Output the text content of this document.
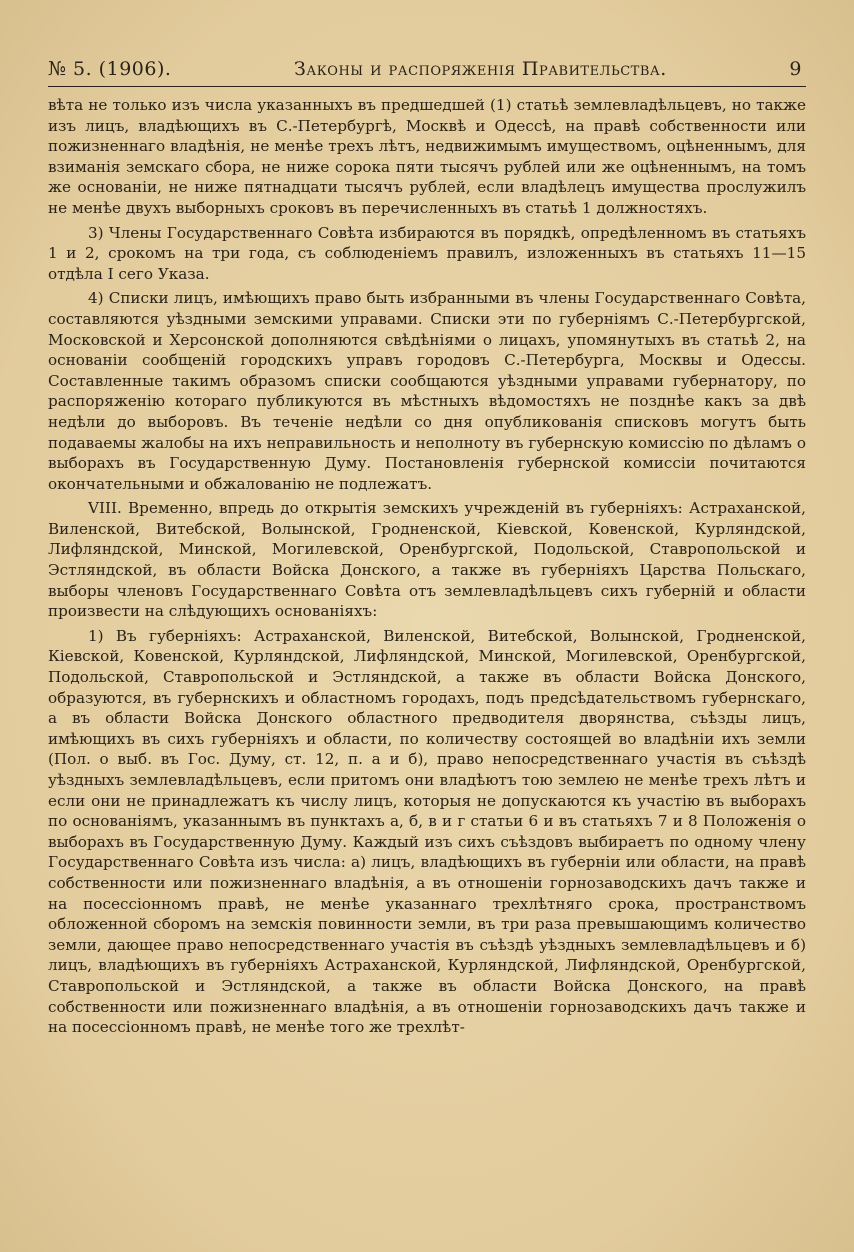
№ 5. (1906).	Законы и распоряженія Правительства.	9

вѣта не только изъ числа указанныхъ въ предшедшей (1) статьѣ землевладѣльцевъ, но также изъ лицъ, владѣющихъ въ С.-Петербургѣ, Москвѣ и Одессѣ, на правѣ собственности или пожизненнаго владѣнія, не менѣе трехъ лѣтъ, недвижимымъ имуществомъ, оцѣненнымъ, для взиманія земскаго сбора, не ниже сорока пяти тысячъ рублей или же оцѣненнымъ, на томъ же основаніи, не ниже пятнадцати тысячъ рублей, если владѣлецъ имущества прослужилъ не менѣе двухъ выборныхъ сроковъ въ перечисленныхъ въ статьѣ 1 должностяхъ.

3) Члены Государственнаго Совѣта избираются въ порядкѣ, опредѣленномъ въ статьяхъ 1 и 2, срокомъ на три года, съ соблюденіемъ правилъ, изложенныхъ въ статьяхъ 11—15 отдѣла I сего Указа.

4) Списки лицъ, имѣющихъ право быть избранными въ члены Государственнаго Совѣта, составляются уѣздными земскими управами. Списки эти по губерніямъ С.-Петербургской, Московской и Херсонской дополняются свѣдѣніями о лицахъ, упомянутыхъ въ статьѣ 2, на основаніи сообщеній городскихъ управъ городовъ С.-Петербурга, Москвы и Одессы. Составленные такимъ образомъ списки сообщаются уѣздными управами губернатору, по распоряженію котораго публикуются въ мѣстныхъ вѣдомостяхъ не позднѣе какъ за двѣ недѣли до выборовъ. Въ теченіе недѣли со дня опубликованія списковъ могутъ быть подаваемы жалобы на ихъ неправильность и неполноту въ губернскую комиссію по дѣламъ о выборахъ въ Государственную Думу. Постановленія губернской комиссіи почитаются окончательными и обжалованію не подлежатъ.

VIII. Временно, впредь до открытія земскихъ учрежденій въ губерніяхъ: Астраханской, Виленской, Витебской, Волынской, Гродненской, Кіевской, Ковенской, Курляндской, Лифляндской, Минской, Могилевской, Оренбургской, Подольской, Ставропольской и Эстляндской, въ области Войска Донского, а также въ губерніяхъ Царства Польскаго, выборы членовъ Государственнаго Совѣта отъ землевладѣльцевъ сихъ губерній и области произвести на слѣдующихъ основаніяхъ:

1) Въ губерніяхъ: Астраханской, Виленской, Витебской, Волынской, Гродненской, Кіевской, Ковенской, Курляндской, Лифляндской, Минской, Могилевской, Оренбургской, Подольской, Ставропольской и Эстляндской, а также въ области Войска Донского, образуются, въ губернскихъ и областномъ городахъ, подъ предсѣдательствомъ губернскаго, а въ области Войска Донского областного предводителя дворянства, съѣзды лицъ, имѣющихъ въ сихъ губерніяхъ и области, по количеству состоящей во владѣніи ихъ земли (Пол. о выб. въ Гос. Думу, ст. 12, п. а и б), право непосредственнаго участія въ съѣздѣ уѣздныхъ землевладѣльцевъ, если притомъ они владѣютъ тою землею не менѣе трехъ лѣтъ и если они не принадлежатъ къ числу лицъ, которыя не допускаются къ участію въ выборахъ по основаніямъ, указаннымъ въ пунктахъ а, б, в и г статьи 6 и въ статьяхъ 7 и 8 Положенія о выборахъ въ Государственную Думу. Каждый изъ сихъ съѣздовъ выбираетъ по одному члену Государственнаго Совѣта изъ числа: а) лицъ, владѣющихъ въ губерніи или области, на правѣ собственности или пожизненнаго владѣнія, а въ отношеніи горнозаводскихъ дачъ также и на посессіонномъ правѣ, не менѣе указаннаго трехлѣтняго срока, пространствомъ обложенной сборомъ на земскія повинности земли, въ три раза превышающимъ количество земли, дающее право непосредственнаго участія въ съѣздѣ уѣздныхъ землевладѣльцевъ и б) лицъ, владѣющихъ въ губерніяхъ Астраханской, Курляндской, Лифляндской, Оренбургской, Ставропольской и Эстляндской, а также въ области Войска Донского, на правѣ собственности или пожизненнаго владѣнія, а въ отношеніи горнозаводскихъ дачъ также и на посессіонномъ правѣ, не менѣе того же трехлѣт-
